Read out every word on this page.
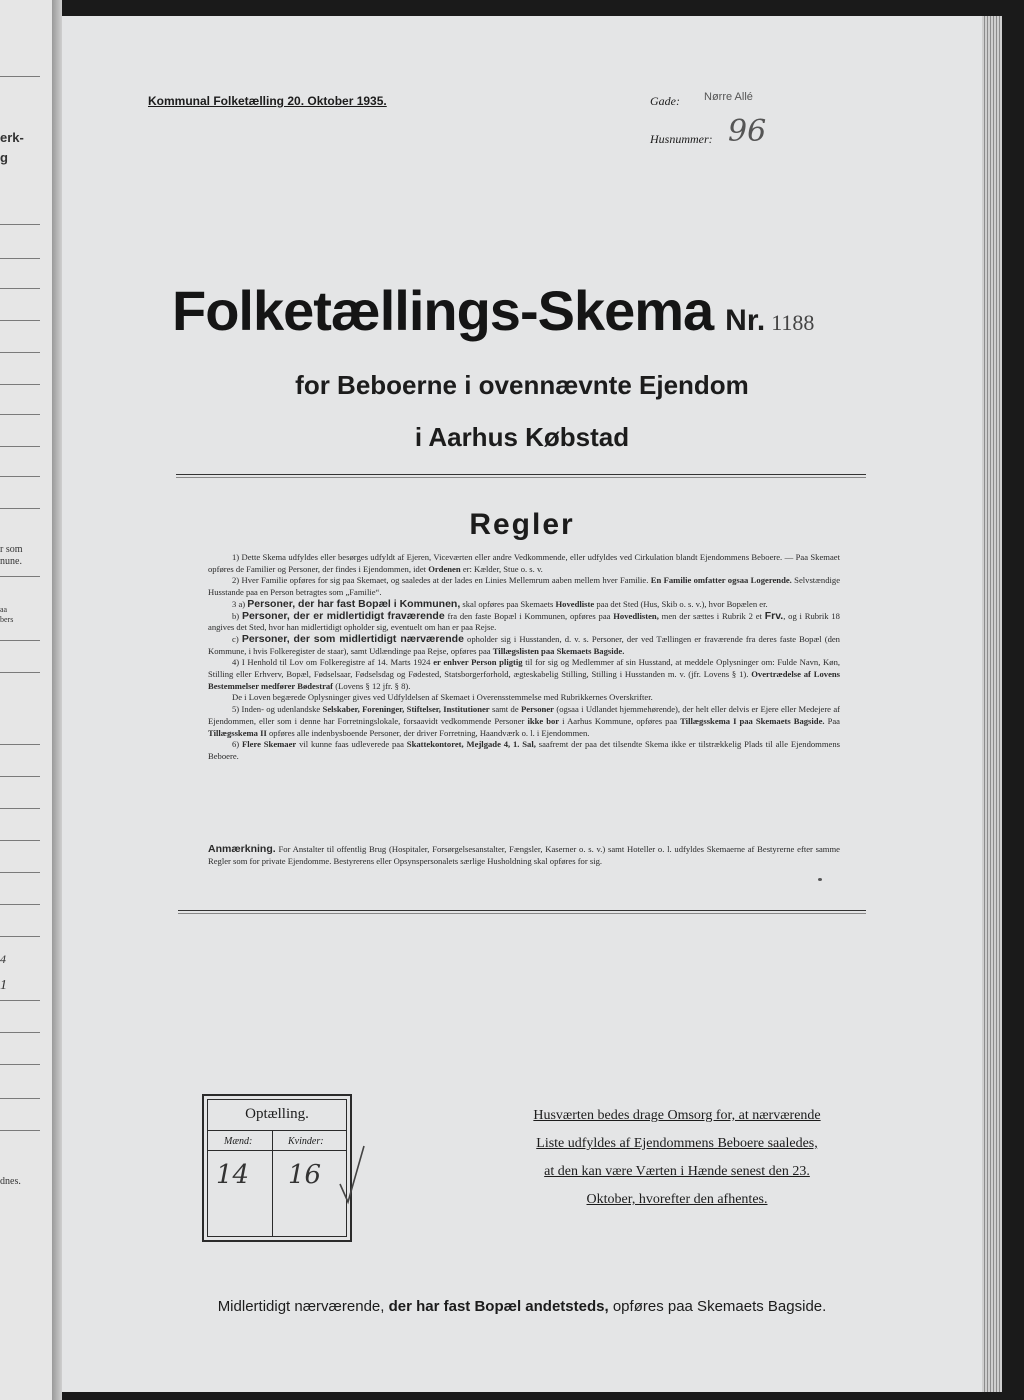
erk-
g
r som
nune.
aa
bers
4
1
dnes.
Kommunal Folketælling 20. Oktober 1935.	Gade: Nørre Allé
Husnummer: 96
Folketællings-Skema Nr. 1188
for Beboerne i ovennævnte Ejendom
i Aarhus Købstad
Regler

1) Dette Skema udfyldes eller besørges udfyldt af Ejeren, Viceværten eller andre Vedkommende, eller udfyldes ved Cirkulation blandt Ejendommens Beboere. — Paa Skemaet opføres de Familier og Personer, der findes i Ejendommen, idet Ordenen er: Kælder, Stue o. s. v.

2) Hver Familie opføres for sig paa Skemaet, og saaledes at der lades en Linies Mellemrum aaben mellem hver Familie. En Familie omfatter ogsaa Logerende. Selvstændige Husstande paa en Person betragtes som „Familie“.

3 a) Personer, der har fast Bopæl i Kommunen, skal opføres paa Skemaets Hovedliste paa det Sted (Hus, Skib o. s. v.), hvor Bopælen er.

b) Personer, der er midlertidigt fraværende fra den faste Bopæl i Kommunen, opføres paa Hovedlisten, men der sættes i Rubrik 2 et Frv., og i Rubrik 18 angives det Sted, hvor han midlertidigt opholder sig, eventuelt om han er paa Rejse.

c) Personer, der som midlertidigt nærværende opholder sig i Husstanden, d. v. s. Personer, der ved Tællingen er fraværende fra deres faste Bopæl (den Kommune, i hvis Folkeregister de staar), samt Udlændinge paa Rejse, opføres paa Tillægslisten paa Skemaets Bagside.

4) I Henhold til Lov om Folkeregistre af 14. Marts 1924 er enhver Person pligtig til for sig og Medlemmer af sin Husstand, at meddele Oplysninger om: Fulde Navn, Køn, Stilling eller Erhverv, Bopæl, Fødselsaar, Fødselsdag og Fødested, Statsborgerforhold, ægteskabelig Stilling, Stilling i Husstanden m. v. (jfr. Lovens § 1). Overtrædelse af Lovens Bestemmelser medfører Bødestraf (Lovens § 12 jfr. § 8).

De i Loven begærede Oplysninger gives ved Udfyldelsen af Skemaet i Overensstemmelse med Rubrikkernes Overskrifter.

5) Inden- og udenlandske Selskaber, Foreninger, Stiftelser, Institutioner samt de Personer (ogsaa i Udlandet hjemmehørende), der helt eller delvis er Ejere eller Medejere af Ejendommen, eller som i denne har Forretningslokale, forsaavidt vedkommende Personer ikke bor i Aarhus Kommune, opføres paa Tillægsskema I paa Skemaets Bagside. Paa Tillægsskema II opføres alle indenbysboende Personer, der driver Forretning, Haandværk o. l. i Ejendommen.

6) Flere Skemaer vil kunne faas udleverede paa Skattekontoret, Mejlgade 4, 1. Sal, saafremt der paa det tilsendte Skema ikke er tilstrækkelig Plads til alle Ejendommens Beboere.

Anmærkning. For Anstalter til offentlig Brug (Hospitaler, Forsørgelsesanstalter, Fængsler, Kaserner o. s. v.) samt Hoteller o. l. udfyldes Skemaerne af Bestyrerne efter samme Regler som for private Ejendomme. Bestyrerens eller Opsynspersonalets særlige Husholdning skal opføres for sig.
Optælling.
Mænd:	Kvinder:
14 16
Husværten bedes drage Omsorg for, at nærværende
Liste udfyldes af Ejendommens Beboere saaledes,
at den kan være Værten i Hænde senest den 23.
Oktober, hvorefter den afhentes.
Midlertidigt nærværende, der har fast Bopæl andetsteds, opføres paa Skemaets Bagside.
